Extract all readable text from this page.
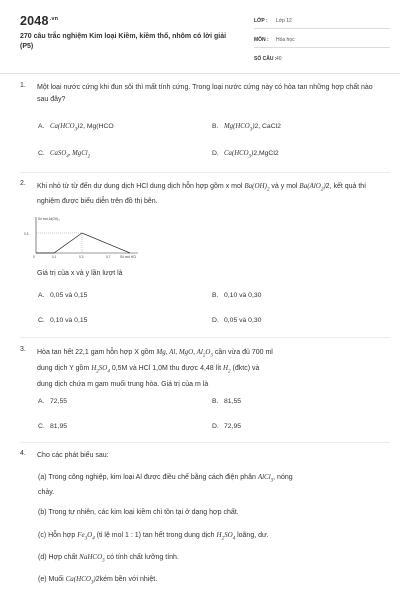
$2048^{.vn}$
270 câu trắc nghiệm Kim loại Kiềm, kiềm thổ, nhôm có lời giải (P5)
LỚP : Lớp 12
MÔN : Hóa học
SỐ CÂU : 40
1. Một loại nước cứng khi đun sôi thì mất tính cứng. Trong loại nước cứng này có hòa tan những hợp chất nào sau đây?
A. $Ca(HCO_3)2$, Mg(HCO	B. $Mg(HCO_3)2$, CaCl2
C. CaSO$_4$, MgCl$_2$	D. $Ca(HCO_3)2,MgCl2$
2. Khi nhỏ từ từ đến dư dung dịch HCl dung dịch hỗn hợp gồm x mol $Ba(OH)_2$ và y mol Ba(AlO$_2$)2, kết quả thí nghiệm được biểu diễn trên đồ thị bên.
Số mol Al(OH)₃
0,3
0	0,1	0,3	0,7	Số mol HCl
Giá trị của x và y lần lượt là
A. 0,05 và 0,15	B. 0,10 và 0,30
C. 0,10 và 0,15	D. 0,05 và 0,30
3. Hòa tan hết 22,1 gam hỗn hợp X gồm Mg, Al, MgO, $Al_2O_3$ cần vừa đủ 700 ml
dung dịch Y gồm $H_2SO_4$ 0,5M và HCl 1,0M thu được 4,48 lít $H_2$ (đktc) và
dung dịch chứa m gam muối trung hòa. Giá trị của m là
A. 72,55	B. 81,55
C. 81,95	D. 72,95
4. Cho các phát biểu sau:
(a) Trong công nghiệp, kim loại Al được điều chế bằng cách điện phân AlCl$_3$, nóng
chảy.
(b) Trong tự nhiên, các kim loại kiềm chỉ tồn tại ở dạng hợp chất.
(c) Hỗn hợp $Fe_3O_4$ (tỉ lệ mol 1 : 1) tan hết trong dung dịch $H_2SO_4$ loãng, dư.
(d) Hợp chất NaHCO$_3$ có tính chất lưỡng tính.
(e) Muối $Ca(HCO_3)2kém$ bền với nhiệt.
